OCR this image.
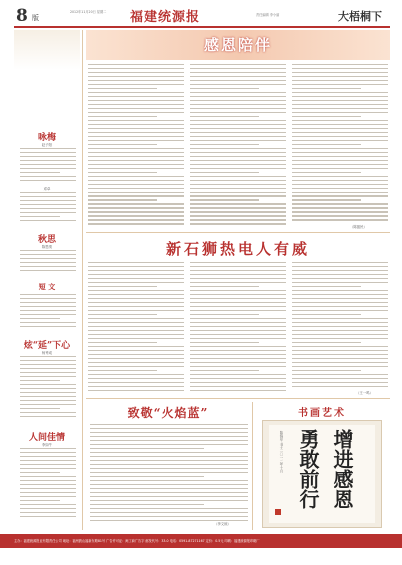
8 版
2012年11月20日 星期二 福建统源报	责任编辑 李小丽	大梧桐下
咏梅
赵子阳
邓卓
秋思
陈思绩
短 文
炫“延”下心
杨秀成
人间佳情
李如牛
感恩陪伴
（陈振民）
新石狮热电人有威
（王一鸣）
致敬“火焰蓝”
（李文琼）
书画艺术
增进感恩
勇敢前行
陈锦华 书于二〇一二年十月
主办：福建统源报业有限责任公司 地址：福州鼓山福新东路81号 广告许可证：闽工商广告字 邮发代号：33-0 电话：0591-87271167 定价：0.5元 印刷：福建统源报印刷厂
